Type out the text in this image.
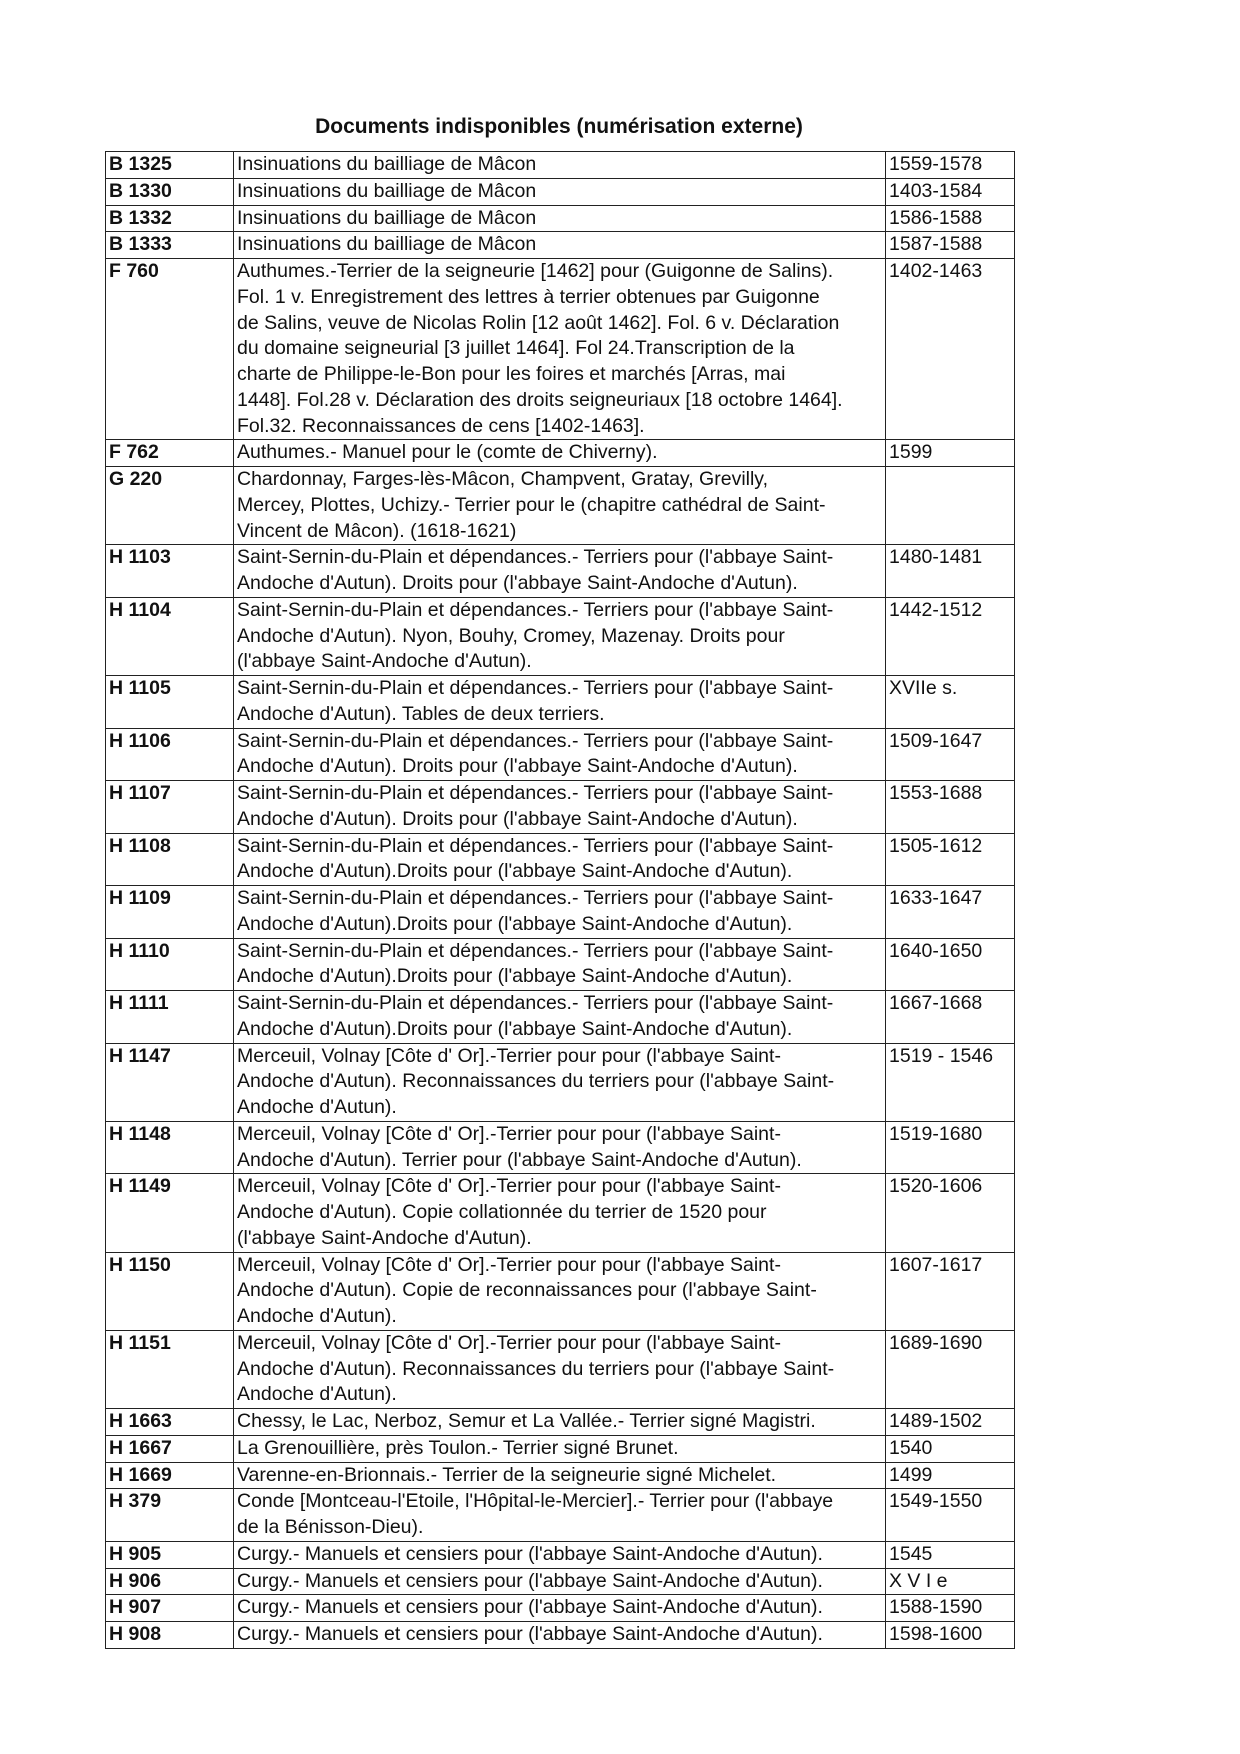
Documents indisponibles (numérisation externe)
B 1325	Insinuations du bailliage de Mâcon	1559-1578
B 1330	Insinuations du bailliage de Mâcon	1403-1584
B 1332	Insinuations du bailliage de Mâcon	1586-1588
B 1333	Insinuations du bailliage de Mâcon	1587-1588
F 760	Authumes.-Terrier de la seigneurie [1462] pour (Guigonne de Salins).
Fol. 1 v. Enregistrement des lettres à terrier obtenues par Guigonne
de Salins, veuve de Nicolas Rolin [12 août 1462]. Fol. 6 v. Déclaration
du domaine seigneurial [3 juillet 1464]. Fol 24.Transcription de la
charte de Philippe-le-Bon pour les foires et marchés [Arras, mai
1448]. Fol.28 v. Déclaration des droits seigneuriaux [18 octobre 1464].
Fol.32. Reconnaissances de cens [1402-1463].
	1402-1463
F 762	Authumes.- Manuel pour le (comte de Chiverny).	1599
G 220	Chardonnay, Farges-lès-Mâcon, Champvent, Gratay, Grevilly,
Mercey, Plottes, Uchizy.- Terrier pour le (chapitre cathédral de Saint-
Vincent de Mâcon). (1618-1621)	

H 1103	Saint-Sernin-du-Plain et dépendances.- Terriers pour (l'abbaye Saint-
Andoche d'Autun). Droits pour (l'abbaye Saint-Andoche d'Autun).	1480-1481
H 1104	Saint-Sernin-du-Plain et dépendances.- Terriers pour (l'abbaye Saint-
Andoche d'Autun). Nyon, Bouhy, Cromey, Mazenay. Droits pour
(l'abbaye Saint-Andoche d'Autun).	1442-1512
H 1105	Saint-Sernin-du-Plain et dépendances.- Terriers pour (l'abbaye Saint-
Andoche d'Autun). Tables de deux terriers.	XVIIe s.
H 1106	Saint-Sernin-du-Plain et dépendances.- Terriers pour (l'abbaye Saint-
Andoche d'Autun). Droits pour (l'abbaye Saint-Andoche d'Autun).	1509-1647
H 1107	Saint-Sernin-du-Plain et dépendances.- Terriers pour (l'abbaye Saint-
Andoche d'Autun). Droits pour (l'abbaye Saint-Andoche d'Autun).	1553-1688
H 1108	Saint-Sernin-du-Plain et dépendances.- Terriers pour (l'abbaye Saint-
Andoche d'Autun).Droits pour (l'abbaye Saint-Andoche d'Autun).	1505-1612
H 1109	Saint-Sernin-du-Plain et dépendances.- Terriers pour (l'abbaye Saint-
Andoche d'Autun).Droits pour (l'abbaye Saint-Andoche d'Autun).	1633-1647
H 1110	Saint-Sernin-du-Plain et dépendances.- Terriers pour (l'abbaye Saint-
Andoche d'Autun).Droits pour (l'abbaye Saint-Andoche d'Autun).	1640-1650
H 1111	Saint-Sernin-du-Plain et dépendances.- Terriers pour (l'abbaye Saint-
Andoche d'Autun).Droits pour (l'abbaye Saint-Andoche d'Autun).	1667-1668
H 1147	Merceuil, Volnay [Côte d' Or].-Terrier pour pour (l'abbaye Saint-
Andoche d'Autun). Reconnaissances du terriers pour (l'abbaye Saint-
Andoche d'Autun).	1519 - 1546
H 1148	Merceuil, Volnay [Côte d' Or].-Terrier pour pour (l'abbaye Saint-
Andoche d'Autun). Terrier pour (l'abbaye Saint-Andoche d'Autun).	1519-1680
H 1149	Merceuil, Volnay [Côte d' Or].-Terrier pour pour (l'abbaye Saint-
Andoche d'Autun). Copie collationnée du terrier de 1520 pour
(l'abbaye Saint-Andoche d'Autun).	1520-1606
H 1150	Merceuil, Volnay [Côte d' Or].-Terrier pour pour (l'abbaye Saint-
Andoche d'Autun). Copie de reconnaissances pour (l'abbaye Saint-
Andoche d'Autun).	1607-1617
H 1151	Merceuil, Volnay [Côte d' Or].-Terrier pour pour (l'abbaye Saint-
Andoche d'Autun). Reconnaissances du terriers pour (l'abbaye Saint-
Andoche d'Autun).	1689-1690
H 1663	Chessy, le Lac, Nerboz, Semur et La Vallée.- Terrier signé Magistri.	1489-1502
H 1667	La Grenouillière, près Toulon.- Terrier signé Brunet.	1540
H 1669	Varenne-en-Brionnais.- Terrier de la seigneurie signé Michelet.	1499
H 379	Conde [Montceau-l'Etoile, l'Hôpital-le-Mercier].- Terrier pour (l'abbaye
de la Bénisson-Dieu).	1549-1550
H 905	Curgy.- Manuels et censiers pour (l'abbaye Saint-Andoche d'Autun).	1545
H 906	Curgy.- Manuels et censiers pour (l'abbaye Saint-Andoche d'Autun).	X V I e
H 907	Curgy.- Manuels et censiers pour (l'abbaye Saint-Andoche d'Autun).	1588-1590
H 908	Curgy.- Manuels et censiers pour (l'abbaye Saint-Andoche d'Autun).	1598-1600
